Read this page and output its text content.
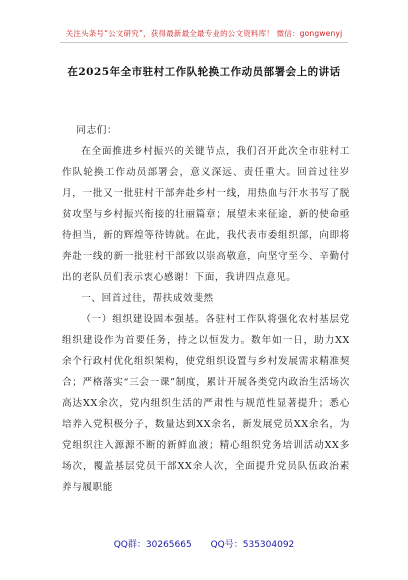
关注头条号“公文研究”，获得最新最全最专业的公文资料库！ 微信：gongwenyj
在2025年全市驻村工作队轮换工作动员部署会上的讲话

同志们：

在全面推进乡村振兴的关键节点，我们召开此次全市驻村工作队轮换工作动员部署会，意义深远、责任重大。回首过往岁月，一批又一批驻村干部奔赴乡村一线，用热血与汗水书写了脱贫攻坚与乡村振兴衔接的壮丽篇章；展望未来征途，新的使命亟待担当，新的辉煌等待铸就。在此，我代表市委组织部，向即将奔赴一线的新一批驻村干部致以崇高敬意，向坚守至今、辛勤付出的老队员们表示衷心感谢！下面，我讲四点意见。

一、回首过往，帮扶成效斐然

（一）组织建设固本强基。各驻村工作队将强化农村基层党组织建设作为首要任务，持之以恒发力。数年如一日，助力XX余个行政村优化组织架构，使党组织设置与乡村发展需求精准契合；严格落实“三会一课”制度，累计开展各类党内政治生活场次高达XX余次，党内组织生活的严肃性与规范性显著提升；悉心培养入党积极分子，数量达到XX余名，新发展党员XX余名，为党组织注入源源不断的新鲜血液；精心组织党务培训活动XX多场次，覆盖基层党员干部XX余人次，全面提升党员队伍政治素养与履职能

QQ群：30265665 QQ号：535304092
